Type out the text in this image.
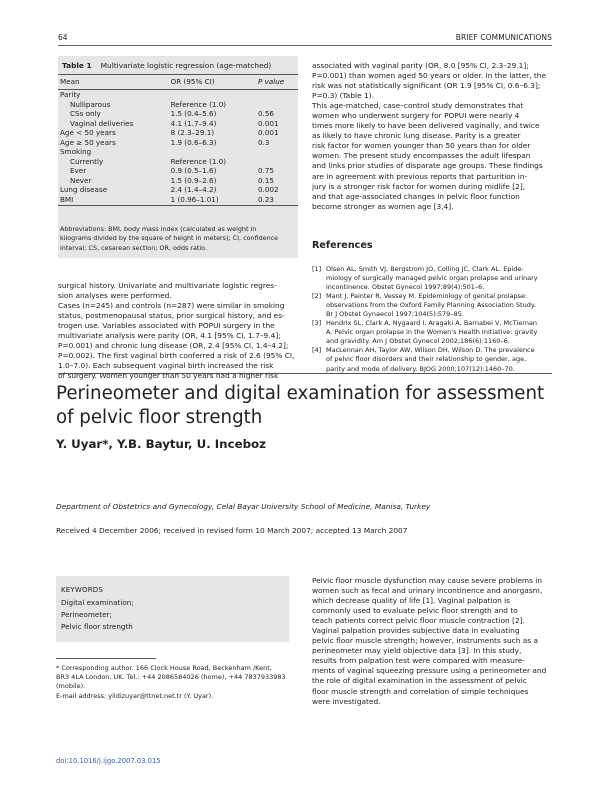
64	BRIEF COMMUNICATIONS
Table 1 Multivariate logistic regression (age-matched)
Mean	OR (95% CI)	P value
Parity		
Nulliparous	Reference (1.0)	
CSs only	1.5 (0.4–5.6)	0.56
Vaginal deliveries	4.1 (1.7–9.4)	0.001
Age < 50 years	8 (2.3–29.1)	0.001
Age ≥ 50 years	1.9 (0.6–6.3)	0.3
Smoking		
Currently	Reference (1.0)	
Ever	0.9 (0.5–1.6)	0.75
Never	1.5 (0.9–2.6)	0.15
Lung disease	2.4 (1.4–4.2)	0.002
BMI	1 (0.96–1.01)	0.23
Abbreviations: BMI, body mass index (calculated as weight in
kilograms divided by the square of height in meters); CI, confidence
interval; CS, cesarean section; OR, odds ratio.
surgical history. Univariate and multivariate logistic regres-
sion analyses were performed.
Cases (n=245) and controls (n=287) were similar in smoking
status, postmenopausal status, prior surgical history, and es-
trogen use. Variables associated with POPUI surgery in the
multivariate analysis were parity (OR, 4.1 [95% CI, 1.7–9.4];
P=0.001) and chronic lung disease (OR, 2.4 [95% CI, 1.4–4.2];
P=0.002). The first vaginal birth conferred a risk of 2.6 (95% CI,
1.0–7.0). Each subsequent vaginal birth increased the risk
of surgery. Women younger than 50 years had a higher risk
associated with vaginal parity (OR, 8.0 [95% CI, 2.3–29.1];
P=0.001) than women aged 50 years or older. In the latter, the
risk was not statistically significant (OR 1.9 [95% CI, 0.6–6.3];
P=0.3) (Table 1).
This age-matched, case–control study demonstrates that
women who underwent surgery for POPUI were nearly 4
times more likely to have been delivered vaginally, and twice
as likely to have chronic lung disease. Parity is a greater
risk factor for women younger than 50 years than for older
women. The present study encompasses the adult lifespan
and links prior studies of disparate age groups. These findings
are in agreement with previous reports that parturition in-
jury is a stronger risk factor for women during midlife [2],
and that age-associated changes in pelvic floor function
become stronger as women age [3,4].
References
[1] Olsen AL, Smith VJ, Bergstrom JO, Colling JC, Clark AL. Epide-
miology of surgically managed pelvic organ prolapse and urinary
incontinence. Obstet Gynecol 1997;89(4):501–6.
[2] Mant J, Painter R, Vessey M. Epidemiology of genital prolapse:
observations from the Oxford Family Planning Association Study.
Br J Obstet Gynaecol 1997;104(5):579–85.
[3] Hendrix SL, Clark A, Nygaard I, Aragaki A, Barnabei V, McTiernan
A. Pelvic organ prolapse in the Women's Health Initiative: gravity
and gravidity. Am J Obstet Gynecol 2002;186(6):1160–6.
[4] MacLennan AH, Taylor AW, Wilson DH, Wilson D. The prevalence
of pelvic floor disorders and their relationship to gender, age,
parity and mode of delivery. BJOG 2000;107(12):1460–70.
Perineometer and digital examination for assessment
of pelvic floor strength
Y. Uyar*, Y.B. Baytur, U. Inceboz
Department of Obstetrics and Gynecology, Celal Bayar University School of Medicine, Manisa, Turkey
Received 4 December 2006; received in revised form 10 March 2007; accepted 13 March 2007
KEYWORDS
Digital examination;
Perineometer;
Pelvic floor strength
Pelvic floor muscle dysfunction may cause severe problems in
women such as fecal and urinary incontinence and anorgasm,
which decrease quality of life [1]. Vaginal palpation is
commonly used to evaluate pelvic floor strength and to
teach patients correct pelvic floor muscle contraction [2].
Vaginal palpation provides subjective data in evaluating
pelvic floor muscle strength; however, instruments such as a
perineometer may yield objective data [3]. In this study,
results from palpation test were compared with measure-
ments of vaginal squeezing pressure using a perineometer and
the role of digital examination in the assessment of pelvic
floor muscle strength and correlation of simple techniques
were investigated.
* Corresponding author. 166 Clock House Road, Beckenham /Kent,
BR3 4LA London, UK. Tel.: +44 2086584026 (home), +44 7837933983
(mobile).
E-mail address: yildizuyar@ttnet.net.tr (Y. Uyar).
doi:10.1016/j.ijgo.2007.03.015
